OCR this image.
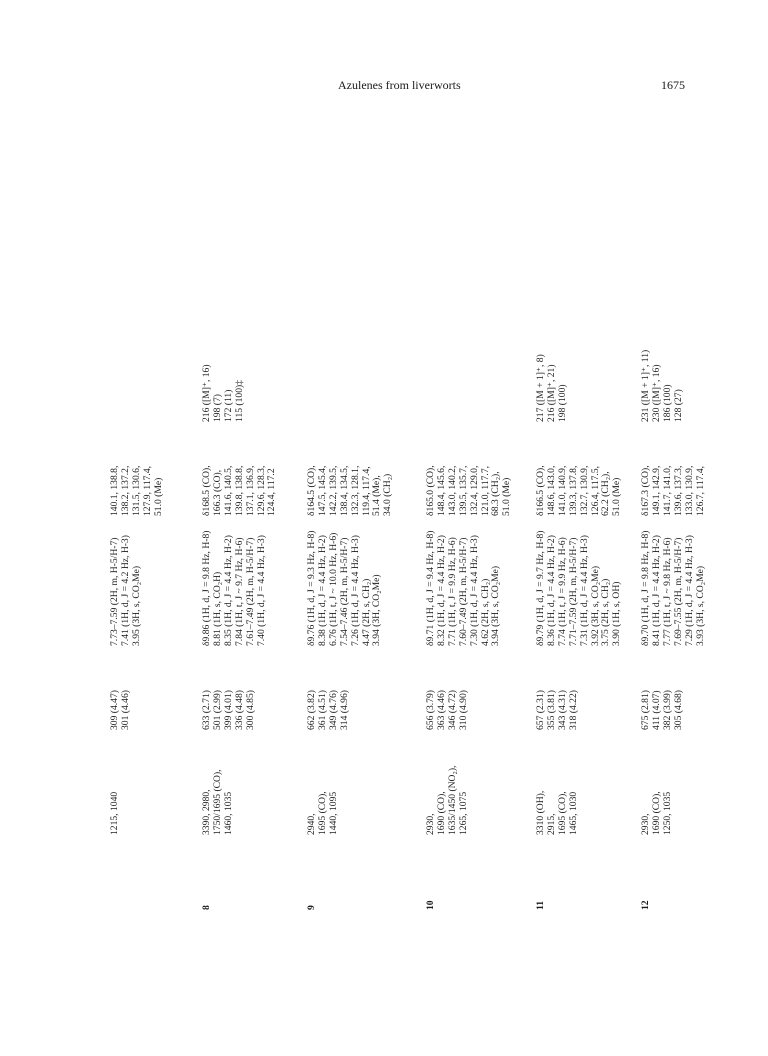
Azulenes from liverworts	1675
1215, 1040
309 (4.47) 301 (4.46)
7.73–7.59 (2H, m, H-5/H-7) 7.41 (1H, d, J = 4.2 Hz, H-3) 3.95 (3H, s, CO₂Me)
140.1, 138.8, 138.2, 137.2, 131.5, 130.6, 127.9, 117.4, 51.0 (Me)
8
3390, 2980, 1750/1695 (CO), 1460, 1035
633 (2.71) 501 (2.99) 399 (4.01) 336 (4.48) 300 (4.85)
δ9.86 (1H, d, J = 9.8 Hz, H-8) 8.81 (1H, s, CO₂H) 8.35 (1H, d, J = 4.4 Hz, H-2) 7.84 (1H, t, J ~ 9.7 Hz, H-6) 7.61–7.49 (2H, m, H-5/H-7) 7.40 (1H, d, J = 4.4 Hz, H-3)
δ168.5 (CO), 166.3 (CO), 141.6, 140.5, 139.8, 138.8, 137.1, 136.9, 129.6, 128.3, 124.4, 117.2
216 ([M]⁺, 16) 198 (7) 172 (11) 115 (100)‡
9
2940, 1695 (CO), 1440, 1095
662 (3.82) 361 (4.51) 349 (4.76) 314 (4.96)
δ9.76 (1H, d, J = 9.3 Hz, H-8) 8.38 (1H, d, J = 4.4 Hz, H-2) 6.76 (1H, t, J ~ 10.0 Hz, H-6) 7.54–7.46 (2H, m, H-5/H-7) 7.26 (1H, d, J = 4.4 Hz, H-3) 4.47 (2H, s, CH₂) 3.94 (3H, CO₂Me)
δ164.5 (CO), 147.5, 145.4, 142.2, 139.5, 138.4, 134.5, 132.3, 128.1, 119.4, 117.4, 51.4 (Me), 34.0 (CH₂)
10
2930, 1690 (CO), 1635/1450 (NO₂), 1265, 1075
656 (3.79) 363 (4.46) 346 (4.72) 310 (4.90)
δ9.71 (1H, d, J = 9.4 Hz, H-8) 8.32 (1H, d, J = 4.4 Hz, H-2) 7.71 (1H, t, J = 9.9 Hz, H-6) 7.60–7.49 (2H, m, H-5/H-7) 7.30 (1H, d, J = 4.4 Hz, H-3) 4.62 (2H, s, CH₂) 3.94 (3H, s, CO₂Me)
δ165.0 (CO), 148.4, 145.6, 143.0, 140.2, 139.5, 135.7, 132.4, 129.0, 121.0, 117.7, 68.3 (CH₂), 51.0 (Me)
11
3310 (OH), 2915, 1695 (CO), 1465, 1030
657 (2.31) 355 (3.81) 343 (4.31) 318 (4.22)
δ9.79 (1H, d, J = 9.7 Hz, H-8) 8.36 (1H, d, J = 4.4 Hz, H-2) 7.74 (1H, t, J = 9.9 Hz, H-6) 7.71–7.59 (2H, m, H-5/H-7) 7.31 (1H, d, J = 4.4 Hz, H-3) 3.92 (3H, s, CO₂Me) 3.75 (2H, s, CH₂) 3.90 (1H, s, OH)
δ166.5 (CO), 148.6, 143.0, 141.0, 140.9, 139.3, 137.8, 132.7, 130.9, 126.4, 117.5, 62.2 (CH₂), 51.0 (Me)
217 ([M + 1]⁺, 8) 216 ([M]⁺, 21) 198 (100)
12
2930, 1690 (CO), 1250, 1035
675 (2.81) 411 (4.07) 382 (3.99) 305 (4.68)
δ9.70 (1H, d, J = 9.8 Hz, H-8) 8.41 (1H, d, J = 4.4 Hz, H-2) 7.77 (1H, t, J ~ 9.8 Hz, H-6) 7.69–7.55 (2H, m, H-5/H-7) 7.29 (1H, d, J = 4.4 Hz, H-3) 3.93 (3H, s, CO₂Me)
δ167.3 (CO), 149.1, 142.9, 141.7, 141.0, 139.6, 137.3, 133.0, 130.9, 126.7, 117.4,
231 ([M + 1]⁺, 11) 230 ([M]⁺, 16) 186 (100) 128 (27)
